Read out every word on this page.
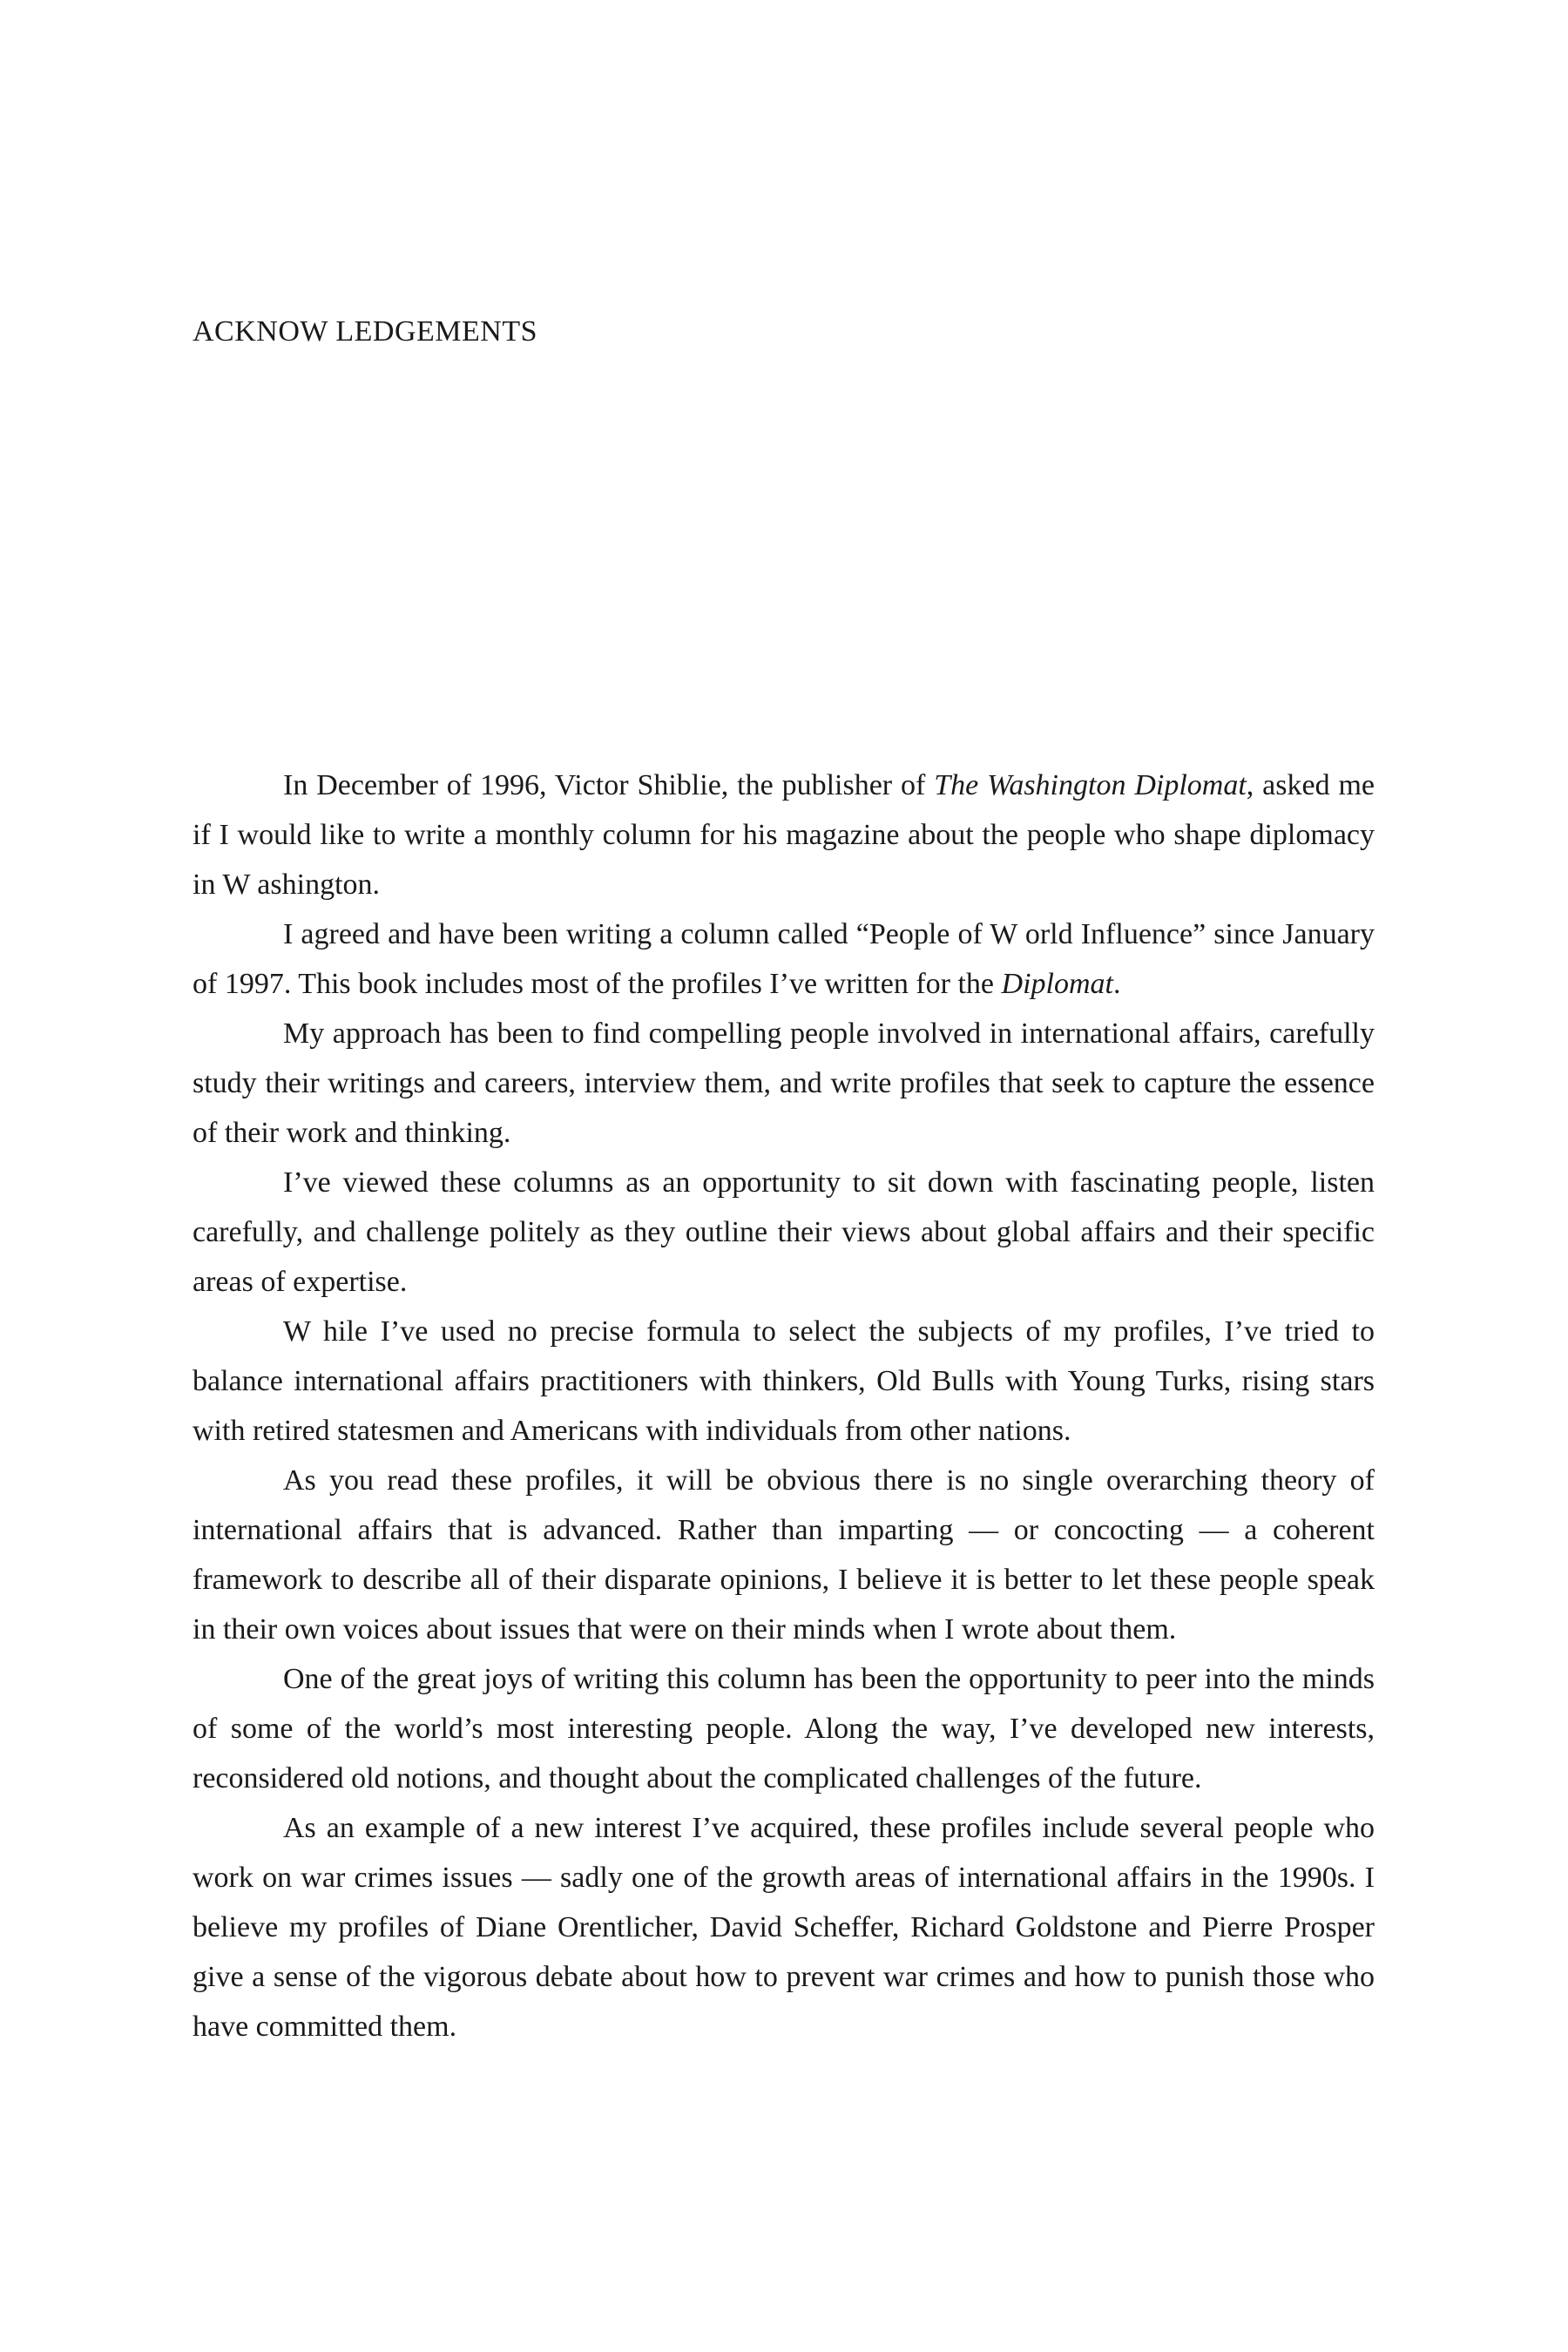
ACKNOW LEDGEMENTS

In December of 1996, Victor Shiblie, the publisher of The Washington Diplomat, asked me if I would like to write a monthly column for his magazine about the people who shape diplomacy in W ashington.

I agreed and have been writing a column called “People of W orld Influence” since January of 1997. This book includes most of the profiles I’ve written for the Diplomat.

My approach has been to find compelling people involved in international affairs, carefully study their writings and careers, interview them, and write profiles that seek to capture the essence of their work and thinking.

I’ve viewed these columns as an opportunity to sit down with fascinating people, listen carefully, and challenge politely as they outline their views about global affairs and their specific areas of expertise.

W hile I’ve used no precise formula to select the subjects of my profiles, I’ve tried to balance international affairs practitioners with thinkers, Old Bulls with Young Turks, rising stars with retired statesmen and Americans with individuals from other nations.

As you read these profiles, it will be obvious there is no single overarching theory of international affairs that is advanced. Rather than imparting — or concocting — a coherent framework to describe all of their disparate opinions, I believe it is better to let these people speak in their own voices about issues that were on their minds when I wrote about them.

One of the great joys of writing this column has been the opportunity to peer into the minds of some of the world’s most interesting people. Along the way, I’ve developed new interests, reconsidered old notions, and thought about the complicated challenges of the future.

As an example of a new interest I’ve acquired, these profiles include several people who work on war crimes issues — sadly one of the growth areas of international affairs in the 1990s. I believe my profiles of Diane Orentlicher, David Scheffer, Richard Goldstone and Pierre Prosper give a sense of the vigorous debate about how to prevent war crimes and how to punish those who have committed them.
